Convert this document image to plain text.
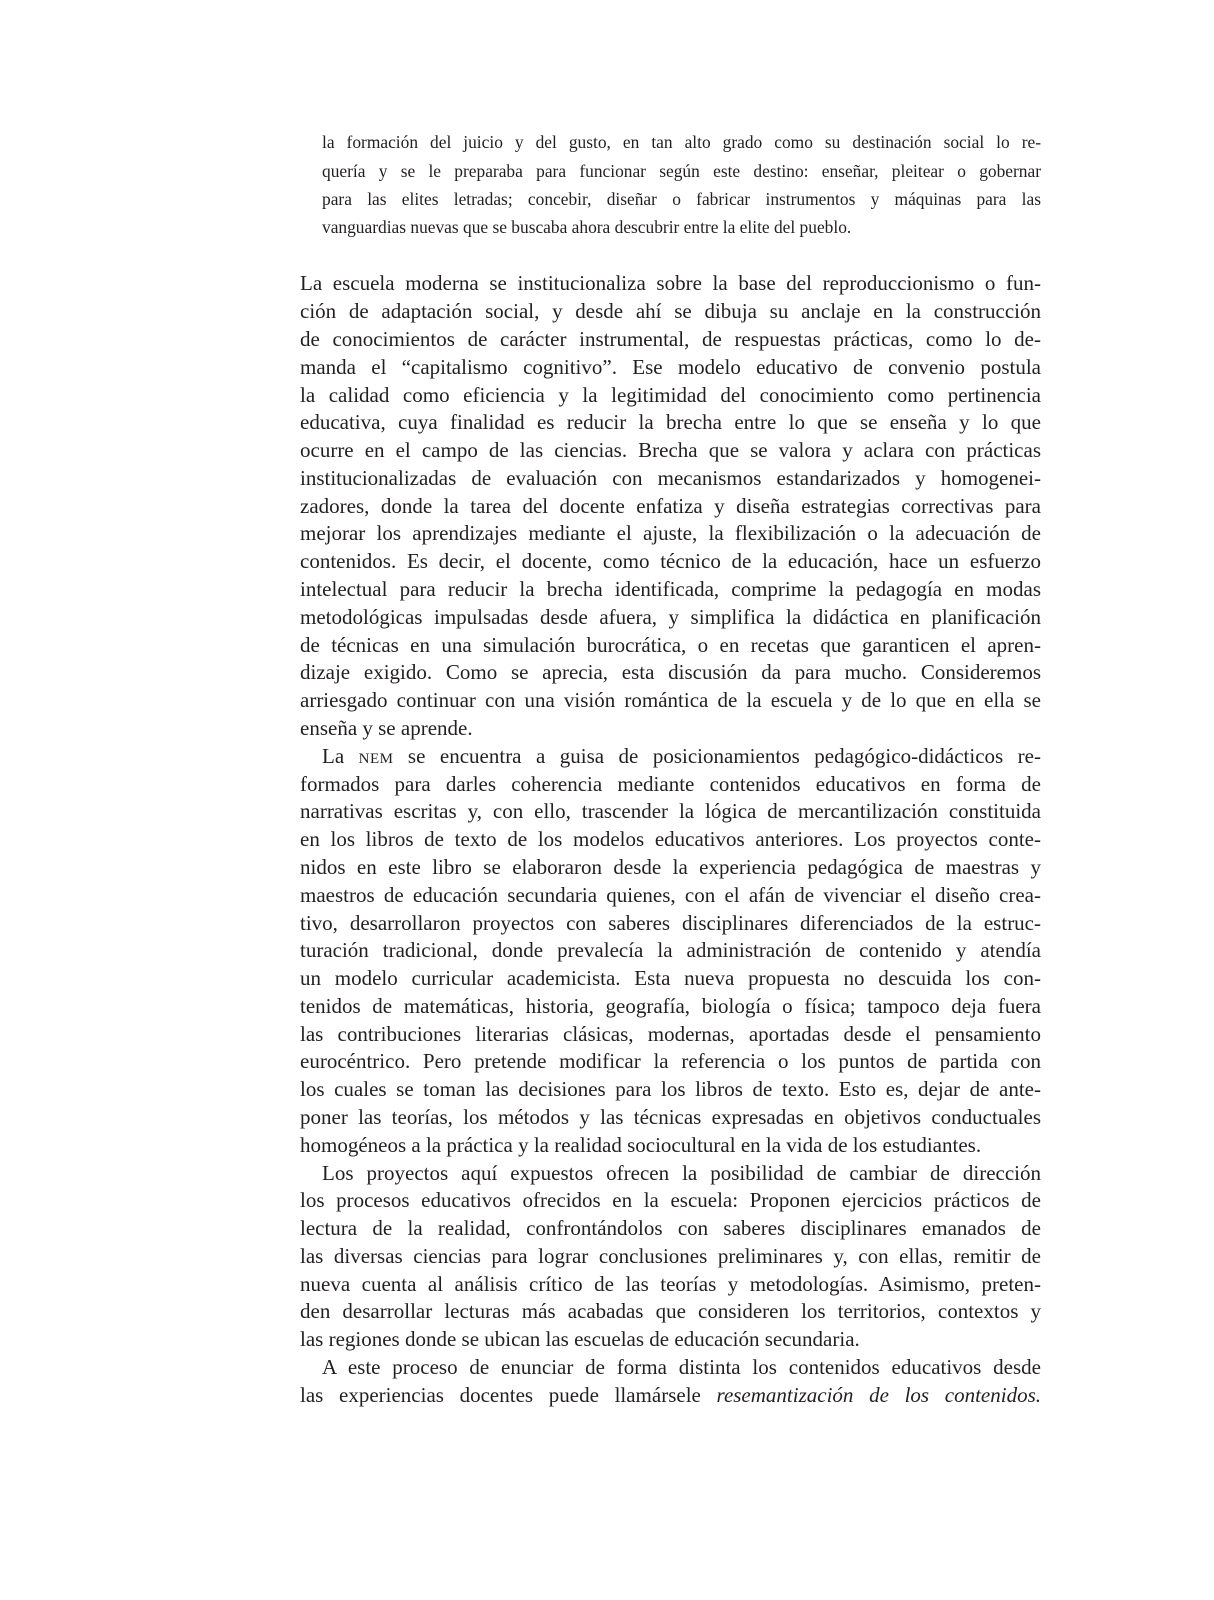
la formación del juicio y del gusto, en tan alto grado como su destinación social lo re-

quería y se le preparaba para funcionar según este destino: enseñar, pleitear o gobernar

para las elites letradas; concebir, diseñar o fabricar instrumentos y máquinas para las

vanguardias nuevas que se buscaba ahora descubrir entre la elite del pueblo.

La escuela moderna se institucionaliza sobre la base del reproduccionismo o fun-

ción de adaptación social, y desde ahí se dibuja su anclaje en la construcción

de conocimientos de carácter instrumental, de respuestas prácticas, como lo de-

manda el “capitalismo cognitivo”. Ese modelo educativo de convenio postula

la calidad como eficiencia y la legitimidad del conocimiento como pertinencia

educativa, cuya finalidad es reducir la brecha entre lo que se enseña y lo que

ocurre en el campo de las ciencias. Brecha que se valora y aclara con prácticas

institucionalizadas de evaluación con mecanismos estandarizados y homogenei-

zadores, donde la tarea del docente enfatiza y diseña estrategias correctivas para

mejorar los aprendizajes mediante el ajuste, la flexibilización o la adecuación de

contenidos. Es decir, el docente, como técnico de la educación, hace un esfuerzo

intelectual para reducir la brecha identificada, comprime la pedagogía en modas

metodológicas impulsadas desde afuera, y simplifica la didáctica en planificación

de técnicas en una simulación burocrática, o en recetas que garanticen el apren-

dizaje exigido. Como se aprecia, esta discusión da para mucho. Consideremos

arriesgado continuar con una visión romántica de la escuela y de lo que en ella se

enseña y se aprende.

La nem se encuentra a guisa de posicionamientos pedagógico-didácticos re-

formados para darles coherencia mediante contenidos educativos en forma de

narrativas escritas y, con ello, trascender la lógica de mercantilización constituida

en los libros de texto de los modelos educativos anteriores. Los proyectos conte-

nidos en este libro se elaboraron desde la experiencia pedagógica de maestras y

maestros de educación secundaria quienes, con el afán de vivenciar el diseño crea-

tivo, desarrollaron proyectos con saberes disciplinares diferenciados de la estruc-

turación tradicional, donde prevalecía la administración de contenido y atendía

un modelo curricular academicista. Esta nueva propuesta no descuida los con-

tenidos de matemáticas, historia, geografía, biología o física; tampoco deja fuera

las contribuciones literarias clásicas, modernas, aportadas desde el pensamiento

eurocéntrico. Pero pretende modificar la referencia o los puntos de partida con

los cuales se toman las decisiones para los libros de texto. Esto es, dejar de ante-

poner las teorías, los métodos y las técnicas expresadas en objetivos conductuales

homogéneos a la práctica y la realidad sociocultural en la vida de los estudiantes.

Los proyectos aquí expuestos ofrecen la posibilidad de cambiar de dirección

los procesos educativos ofrecidos en la escuela: Proponen ejercicios prácticos de

lectura de la realidad, confrontándolos con saberes disciplinares emanados de

las diversas ciencias para lograr conclusiones preliminares y, con ellas, remitir de

nueva cuenta al análisis crítico de las teorías y metodologías. Asimismo, preten-

den desarrollar lecturas más acabadas que consideren los territorios, contextos y

las regiones donde se ubican las escuelas de educación secundaria.

A este proceso de enunciar de forma distinta los contenidos educativos desde

las experiencias docentes puede llamársele resemantización de los contenidos.
